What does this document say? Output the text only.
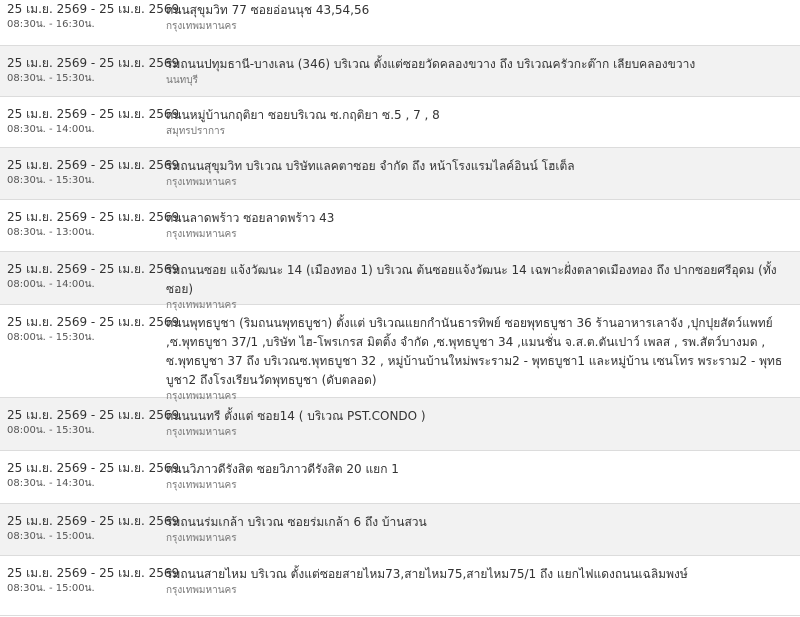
25 เม.ย. 2569 - 25 เม.ย. 2569
08:30น. - 16:30น.
ถนนสุขุมวิท 77 ซอยอ่อนนุช 43,54,56
กรุงเทพมหานคร
25 เม.ย. 2569 - 25 เม.ย. 2569
08:30น. - 15:30น.
ริมถนนปทุมธานี-บางเลน (346) บริเวณ ตั้งแต่ซอยวัดคลองขวาง ถึง บริเวณครัวกะต๊าก เลียบคลองขวาง
นนทบุรี
25 เม.ย. 2569 - 25 เม.ย. 2569
08:30น. - 14:00น.
ถนนหมู่บ้านกฤติยา ซอยบริเวณ ซ.กฤติยา ซ.5 , 7 , 8
สมุทรปราการ
25 เม.ย. 2569 - 25 เม.ย. 2569
08:30น. - 15:30น.
ริมถนนสุขุมวิท บริเวณ บริษัทแลคตาซอย จำกัด ถึง หน้าโรงแรมไลค์อินน์ โฮเต็ล
กรุงเทพมหานคร
25 เม.ย. 2569 - 25 เม.ย. 2569
08:30น. - 13:00น.
ถนนลาดพร้าว ซอยลาดพร้าว 43
กรุงเทพมหานคร
25 เม.ย. 2569 - 25 เม.ย. 2569
08:00น. - 14:00น.
ริมถนนซอย แจ้งวัฒนะ 14 (เมืองทอง 1) บริเวณ ต้นซอยแจ้งวัฒนะ 14 เฉพาะฝั่งตลาดเมืองทอง ถึง ปากซอยศรีอุดม (ทั้งซอย)
กรุงเทพมหานคร
25 เม.ย. 2569 - 25 เม.ย. 2569
08:00น. - 15:30น.
ถนนพุทธบูชา (ริมถนนพุทธบูชา) ตั้งแต่ บริเวณแยกกำนันธารทิพย์ ซอยพุทธบูชา 36 ร้านอาหารเลาจัง ,ปุกปุยสัตว์แพทย์ ,ซ.พุทธบูชา 37/1 ,บริษัท ไฮ-โพรเกรส มิตติ้ง จำกัด ,ซ.พุทธบูชา 34 ,แมนชั่น จ.ส.ต.ตันเปาว์ เพลส , รพ.สัตว์บางมด , ซ.พุทธบูชา 37 ถึง บริเวณซ.พุทธบูชา 32 , หมู่บ้านบ้านใหม่พระราม2 - พุทธบูชา1 และหมู่บ้าน เซนโทร พระราม2 - พุทธบูชา2 ถึงโรงเรียนวัดพุทธบูชา (ดับตลอด)
กรุงเทพมหานคร
25 เม.ย. 2569 - 25 เม.ย. 2569
08:00น. - 15:30น.
ถนนนนทรี ตั้งแต่ ซอย14 ( บริเวณ PST.CONDO )
กรุงเทพมหานคร
25 เม.ย. 2569 - 25 เม.ย. 2569
08:30น. - 14:30น.
ถนนวิภาวดีรังสิต ซอยวิภาวดีรังสิต 20 แยก 1
กรุงเทพมหานคร
25 เม.ย. 2569 - 25 เม.ย. 2569
08:30น. - 15:00น.
ริมถนนร่มเกล้า บริเวณ ซอยร่มเกล้า 6 ถึง บ้านสวน
กรุงเทพมหานคร
25 เม.ย. 2569 - 25 เม.ย. 2569
08:30น. - 15:00น.
ริมถนนสายไหม บริเวณ ตั้งแต่ซอยสายไหม73,สายไหม75,สายไหม75/1 ถึง แยกไฟแดงถนนเฉลิมพงษ์
กรุงเทพมหานคร
